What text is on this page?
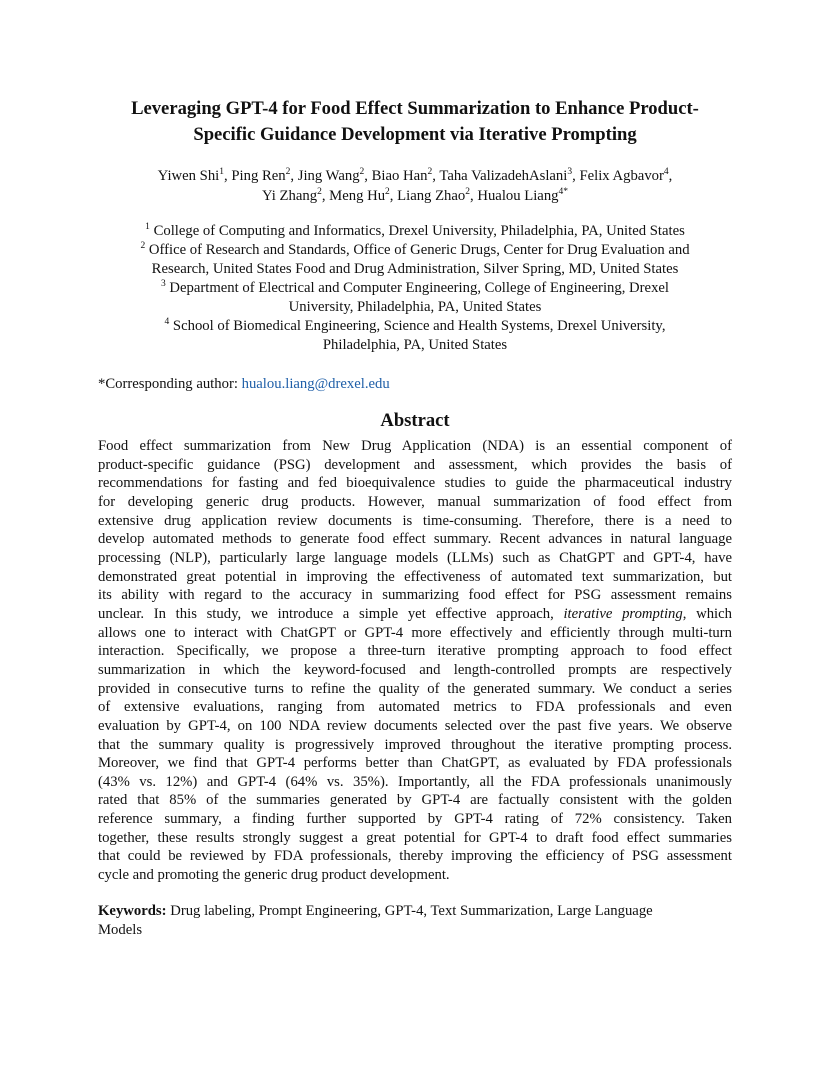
Leveraging GPT-4 for Food Effect Summarization to Enhance Product-
Specific Guidance Development via Iterative Prompting
Yiwen Shi$^1$, Ping Ren$^2$, Jing Wang$^2$, Biao Han$^2$, Taha ValizadehAslani$^3$, Felix Agbavor$^4$,
Yi Zhang$^2$, Meng Hu$^2$, Liang Zhao$^2$, Hualou Liang$^{4*}$
$^1$ College of Computing and Informatics, Drexel University, Philadelphia, PA, United States
$^2$ Office of Research and Standards, Office of Generic Drugs, Center for Drug Evaluation and
Research, United States Food and Drug Administration, Silver Spring, MD, United States
$^3$ Department of Electrical and Computer Engineering, College of Engineering, Drexel
University, Philadelphia, PA, United States
$^4$ School of Biomedical Engineering, Science and Health Systems, Drexel University,
Philadelphia, PA, United States
*Corresponding author: hualou.liang@drexel.edu
Abstract
Food effect summarization from New Drug Application (NDA) is an essential component of
product-specific guidance (PSG) development and assessment, which provides the basis of
recommendations for fasting and fed bioequivalence studies to guide the pharmaceutical industry
for developing generic drug products. However, manual summarization of food effect from
extensive drug application review documents is time-consuming. Therefore, there is a need to
develop automated methods to generate food effect summary. Recent advances in natural language
processing (NLP), particularly large language models (LLMs) such as ChatGPT and GPT-4, have
demonstrated great potential in improving the effectiveness of automated text summarization, but
its ability with regard to the accuracy in summarizing food effect for PSG assessment remains
unclear. In this study, we introduce a simple yet effective approach, iterative prompting, which
allows one to interact with ChatGPT or GPT-4 more effectively and efficiently through multi-turn
interaction. Specifically, we propose a three-turn iterative prompting approach to food effect
summarization in which the keyword-focused and length-controlled prompts are respectively
provided in consecutive turns to refine the quality of the generated summary. We conduct a series
of extensive evaluations, ranging from automated metrics to FDA professionals and even
evaluation by GPT-4, on 100 NDA review documents selected over the past five years. We observe
that the summary quality is progressively improved throughout the iterative prompting process.
Moreover, we find that GPT-4 performs better than ChatGPT, as evaluated by FDA professionals
(43% vs. 12%) and GPT-4 (64% vs. 35%). Importantly, all the FDA professionals unanimously
rated that 85% of the summaries generated by GPT-4 are factually consistent with the golden
reference summary, a finding further supported by GPT-4 rating of 72% consistency. Taken
together, these results strongly suggest a great potential for GPT-4 to draft food effect summaries
that could be reviewed by FDA professionals, thereby improving the efficiency of PSG assessment
cycle and promoting the generic drug product development.
Keywords: Drug labeling, Prompt Engineering, GPT-4, Text Summarization, Large Language
Models
